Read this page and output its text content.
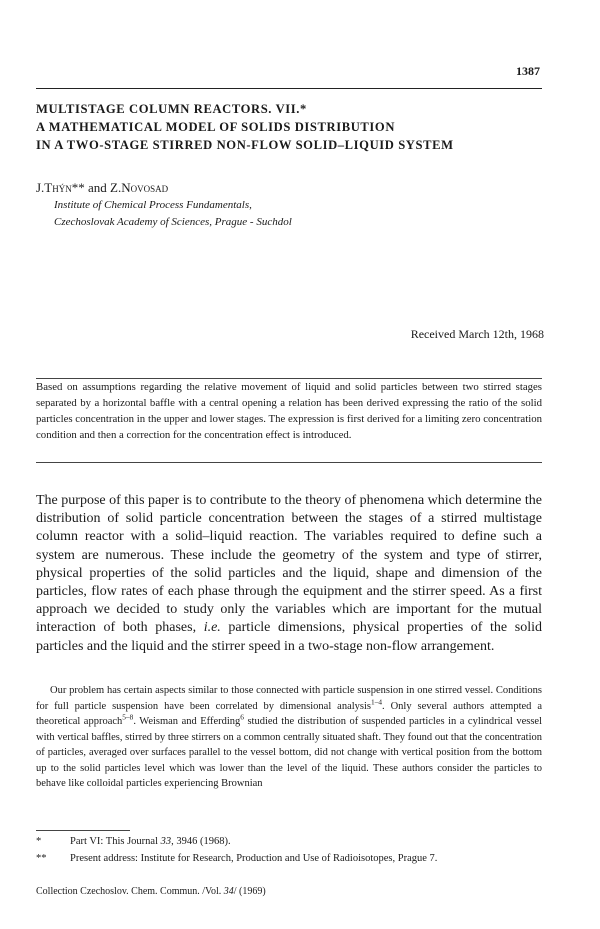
1387
MULTISTAGE COLUMN REACTORS. VII.*
A MATHEMATICAL MODEL OF SOLIDS DISTRIBUTION
IN A TWO-STAGE STIRRED NON-FLOW SOLID–LIQUID SYSTEM
J.Thýn** and Z.Novosad
Institute of Chemical Process Fundamentals,
Czechoslovak Academy of Sciences, Prague - Suchdol
Received March 12th, 1968
Based on assumptions regarding the relative movement of liquid and solid particles between two stirred stages separated by a horizontal baffle with a central opening a relation has been derived expressing the ratio of the solid particles concentration in the upper and lower stages. The expression is first derived for a limiting zero concentration condition and then a correction for the concentration effect is introduced.
The purpose of this paper is to contribute to the theory of phenomena which determine the distribution of solid particle concentration between the stages of a stirred multistage column reactor with a solid–liquid reaction. The variables required to define such a system are numerous. These include the geometry of the system and type of stirrer, physical properties of the solid particles and the liquid, shape and dimension of the particles, flow rates of each phase through the equipment and the stirrer speed. As a first approach we decided to study only the variables which are important for the mutual interaction of both phases, i.e. particle dimensions, physical properties of the solid particles and the liquid and the stirrer speed in a two-stage non-flow arrangement.
Our problem has certain aspects similar to those connected with particle suspension in one stirred vessel. Conditions for full particle suspension have been correlated by dimensional analysis$^{1-4}$. Only several authors attempted a theoretical approach$^{5-8}$. Weisman and Efferding$^6$ studied the distribution of suspended particles in a cylindrical vessel with vertical baffles, stirred by three stirrers on a common centrally situated shaft. They found out that the concentration of particles, averaged over surfaces parallel to the vessel bottom, did not change with vertical position from the bottom up to the solid particles level which was lower than the level of the liquid. These authors consider the particles to behave like colloidal particles experiencing Brownian
*	Part VI: This Journal 33, 3946 (1968).
** Present address: Institute for Research, Production and Use of Radioisotopes, Prague 7.
Collection Czechoslov. Chem. Commun. /Vol. 34/ (1969)
